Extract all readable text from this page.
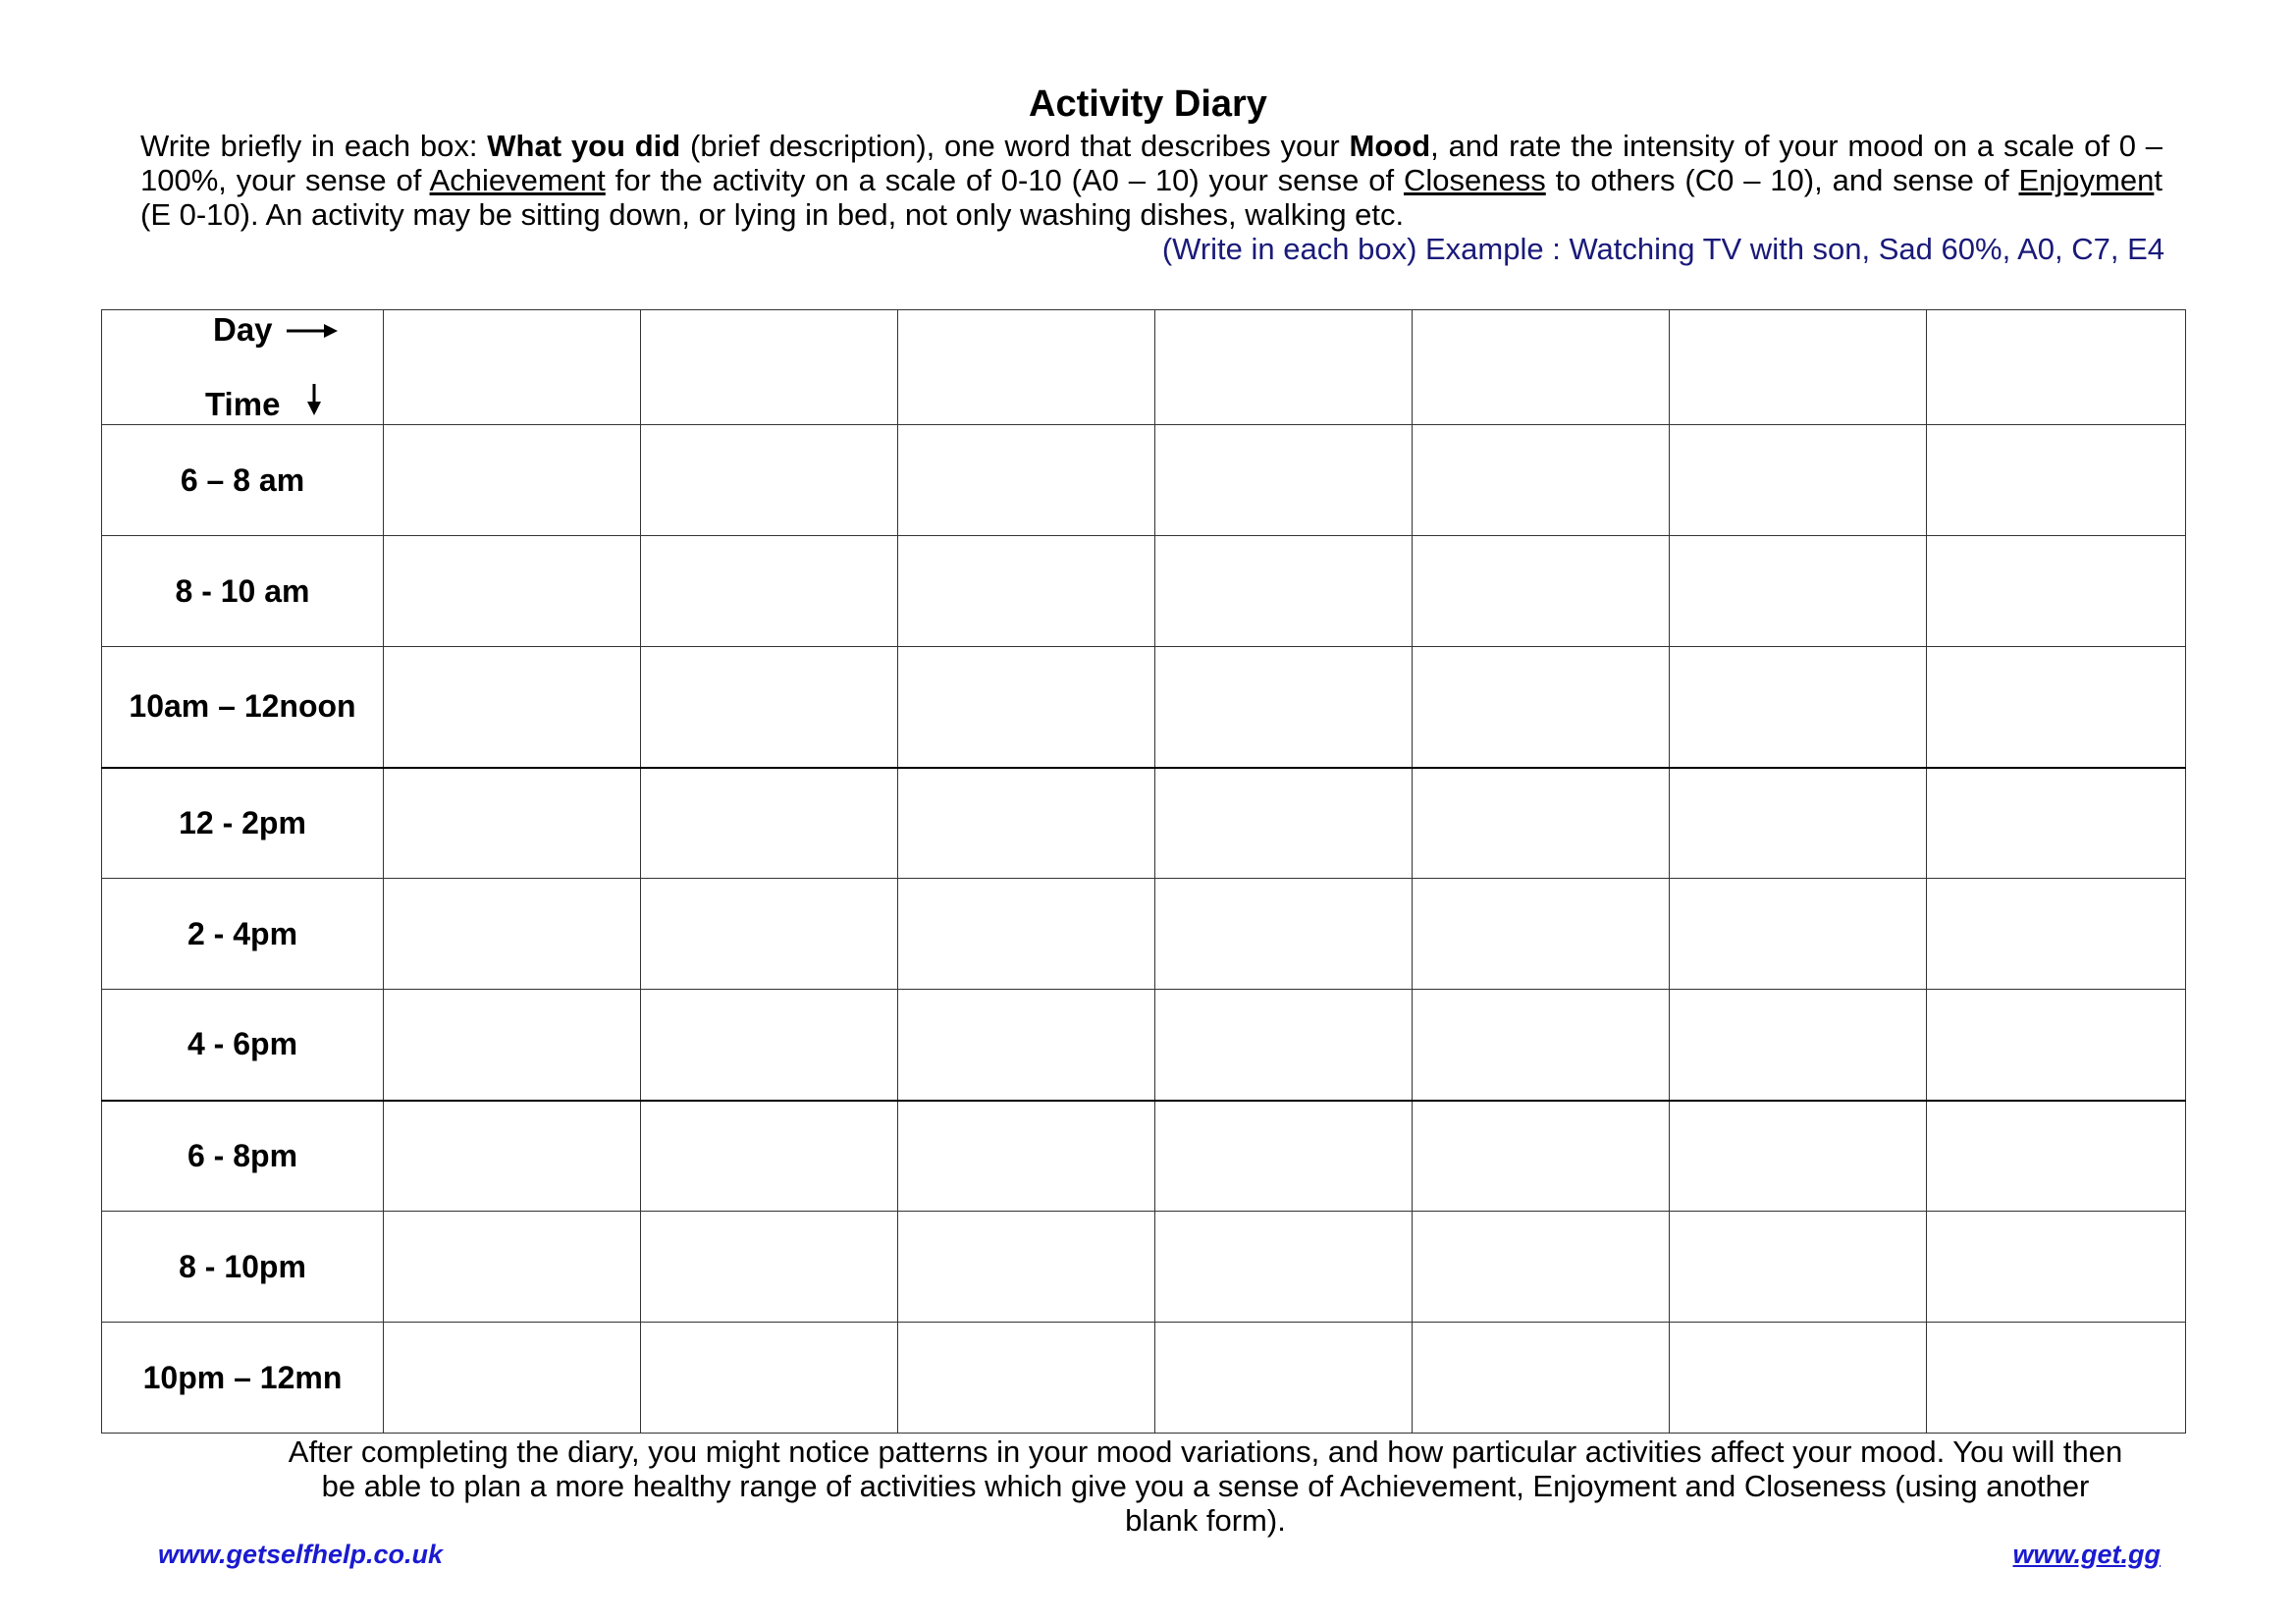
Activity Diary
Write briefly in each box: What you did (brief description), one word that describes your Mood, and rate the intensity of your mood on a scale of 0 – 100%, your sense of Achievement for the activity on a scale of 0-10 (A0 – 10) your sense of Closeness to others (C0 – 10), and sense of Enjoyment (E 0-10). An activity may be sitting down, or lying in bed, not only washing dishes, walking etc.
(Write in each box) Example : Watching TV with son, Sad 60%, A0, C7, E4
Day
Time							

6 – 8 am							
8 - 10 am							
10am – 12noon							
12 - 2pm							
2 - 4pm							
4 - 6pm							
6 - 8pm							
8 - 10pm							
10pm – 12mn							
After completing the diary, you might notice patterns in your mood variations, and how particular activities affect your mood. You will then be able to plan a more healthy range of activities which give you a sense of Achievement, Enjoyment and Closeness (using another blank form).
www.getselfhelp.co.uk	www.get.gg
